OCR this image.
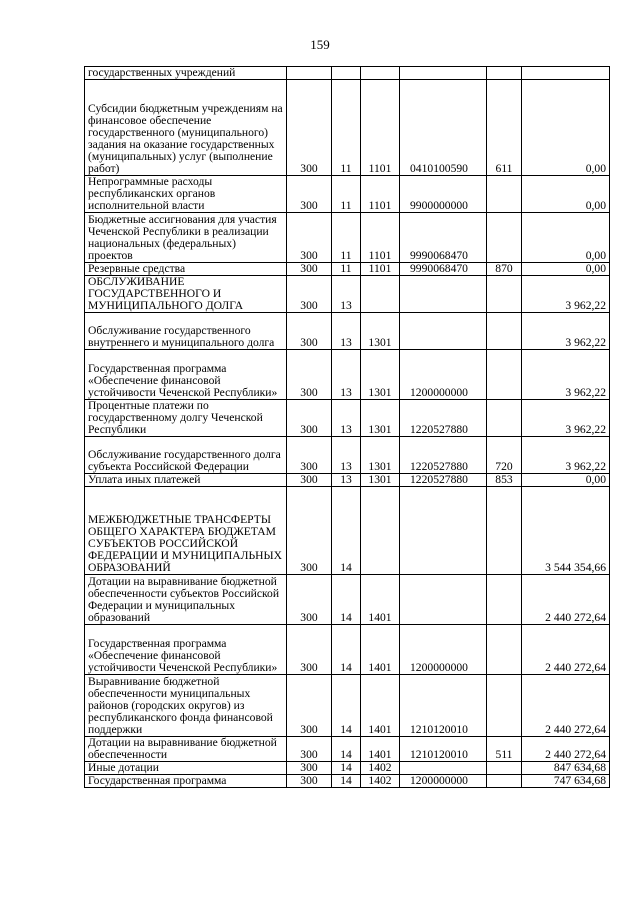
159
государственных учреждений						
Субсидии бюджетным учреждениям на финансовое обеспечение государственного (муниципального) задания на оказание государственных (муниципальных) услуг (выполнение работ)	300	11	1101	0410100590	611	0,00
Непрограммные расходы республиканских органов исполнительной власти	300	11	1101	9900000000		0,00
Бюджетные ассигнования для участия Чеченской Республики в реализации национальных (федеральных) проектов	300	11	1101	9990068470		0,00
Резервные средства	300	11	1101	9990068470	870	0,00
ОБСЛУЖИВАНИЕ ГОСУДАРСТВЕННОГО И МУНИЦИПАЛЬНОГО ДОЛГА	300	13				3 962,22
Обслуживание государственного внутреннего и муниципального долга	300	13	1301			3 962,22
Государственная программа «Обеспечение финансовой устойчивости Чеченской Республики»	300	13	1301	1200000000		3 962,22
Процентные платежи по государственному долгу Чеченской Республики	300	13	1301	1220527880		3 962,22
Обслуживание государственного долга субъекта Российской Федерации	300	13	1301	1220527880	720	3 962,22
Уплата иных платежей	300	13	1301	1220527880	853	0,00
МЕЖБЮДЖЕТНЫЕ ТРАНСФЕРТЫ ОБЩЕГО ХАРАКТЕРА БЮДЖЕТАМ СУБЪЕКТОВ РОССИЙСКОЙ ФЕДЕРАЦИИ И МУНИЦИПАЛЬНЫХ ОБРАЗОВАНИЙ	300	14				3 544 354,66
Дотации на выравнивание бюджетной обеспеченности субъектов Российской Федерации и муниципальных образований	300	14	1401			2 440 272,64
Государственная программа «Обеспечение финансовой устойчивости Чеченской Республики»	300	14	1401	1200000000		2 440 272,64
Выравнивание бюджетной обеспеченности муниципальных районов (городских округов) из республиканского фонда финансовой поддержки	300	14	1401	1210120010		2 440 272,64
Дотации на выравнивание бюджетной обеспеченности	300	14	1401	1210120010	511	2 440 272,64
Иные дотации	300	14	1402			847 634,68
Государственная программа	300	14	1402	1200000000		747 634,68
